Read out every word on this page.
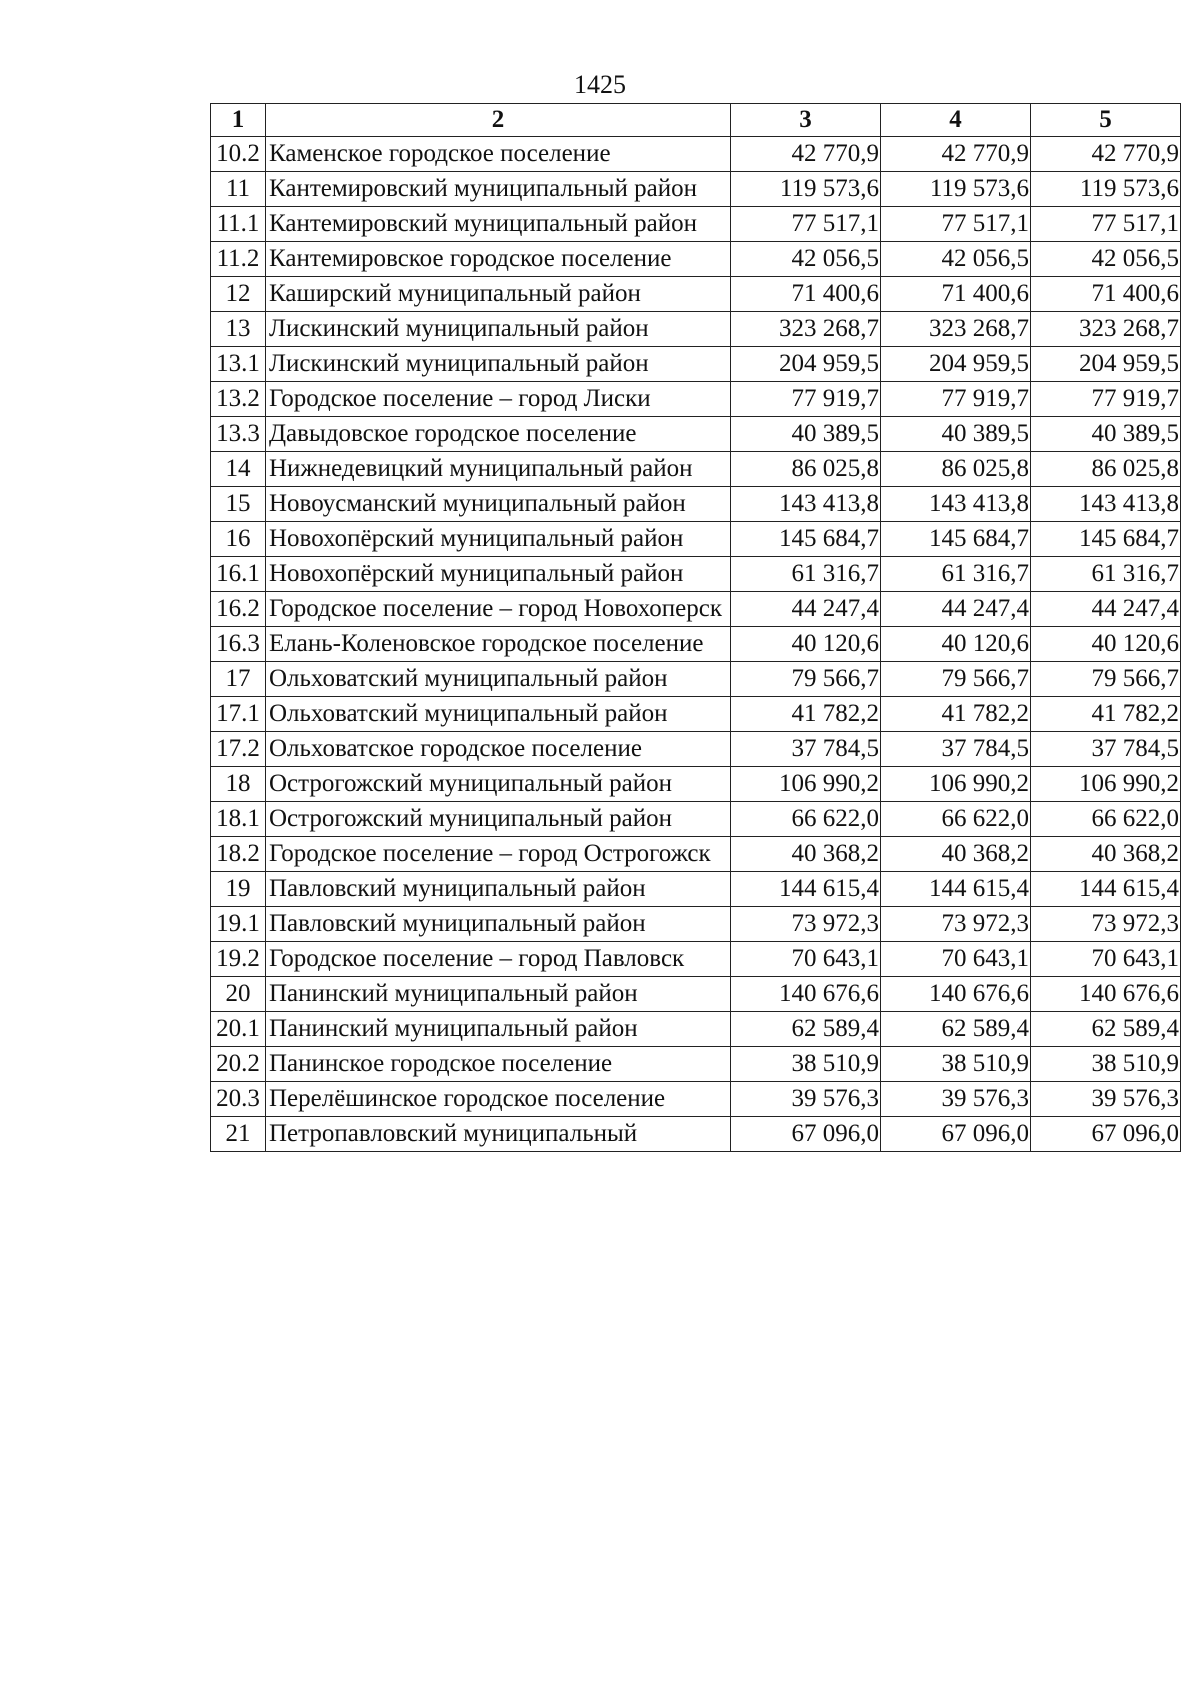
1425
1	2	3	4	5
10.2	Каменское городское поселение	42 770,9	42 770,9	42 770,9
11	Кантемировский муниципальный район	119 573,6	119 573,6	119 573,6
11.1	Кантемировский муниципальный район	77 517,1	77 517,1	77 517,1
11.2	Кантемировское городское поселение	42 056,5	42 056,5	42 056,5
12	Каширский муниципальный район	71 400,6	71 400,6	71 400,6
13	Лискинский муниципальный район	323 268,7	323 268,7	323 268,7
13.1	Лискинский муниципальный район	204 959,5	204 959,5	204 959,5
13.2	Городское поселение – город Лиски	77 919,7	77 919,7	77 919,7
13.3	Давыдовское городское поселение	40 389,5	40 389,5	40 389,5
14	Нижнедевицкий муниципальный район	86 025,8	86 025,8	86 025,8
15	Новоусманский муниципальный район	143 413,8	143 413,8	143 413,8
16	Новохопёрский муниципальный район	145 684,7	145 684,7	145 684,7
16.1	Новохопёрский муниципальный район	61 316,7	61 316,7	61 316,7
16.2	Городское поселение – город Новохоперск	44 247,4	44 247,4	44 247,4
16.3	Елань-Коленовское городское поселение	40 120,6	40 120,6	40 120,6
17	Ольховатский муниципальный район	79 566,7	79 566,7	79 566,7
17.1	Ольховатский муниципальный район	41 782,2	41 782,2	41 782,2
17.2	Ольховатское городское поселение	37 784,5	37 784,5	37 784,5
18	Острогожский муниципальный район	106 990,2	106 990,2	106 990,2
18.1	Острогожский муниципальный район	66 622,0	66 622,0	66 622,0
18.2	Городское поселение – город Острогожск	40 368,2	40 368,2	40 368,2
19	Павловский муниципальный район	144 615,4	144 615,4	144 615,4
19.1	Павловский муниципальный район	73 972,3	73 972,3	73 972,3
19.2	Городское поселение – город Павловск	70 643,1	70 643,1	70 643,1
20	Панинский муниципальный район	140 676,6	140 676,6	140 676,6
20.1	Панинский муниципальный район	62 589,4	62 589,4	62 589,4
20.2	Панинское городское поселение	38 510,9	38 510,9	38 510,9
20.3	Перелёшинское городское поселение	39 576,3	39 576,3	39 576,3
21	Петропавловский муниципальный	67 096,0	67 096,0	67 096,0
